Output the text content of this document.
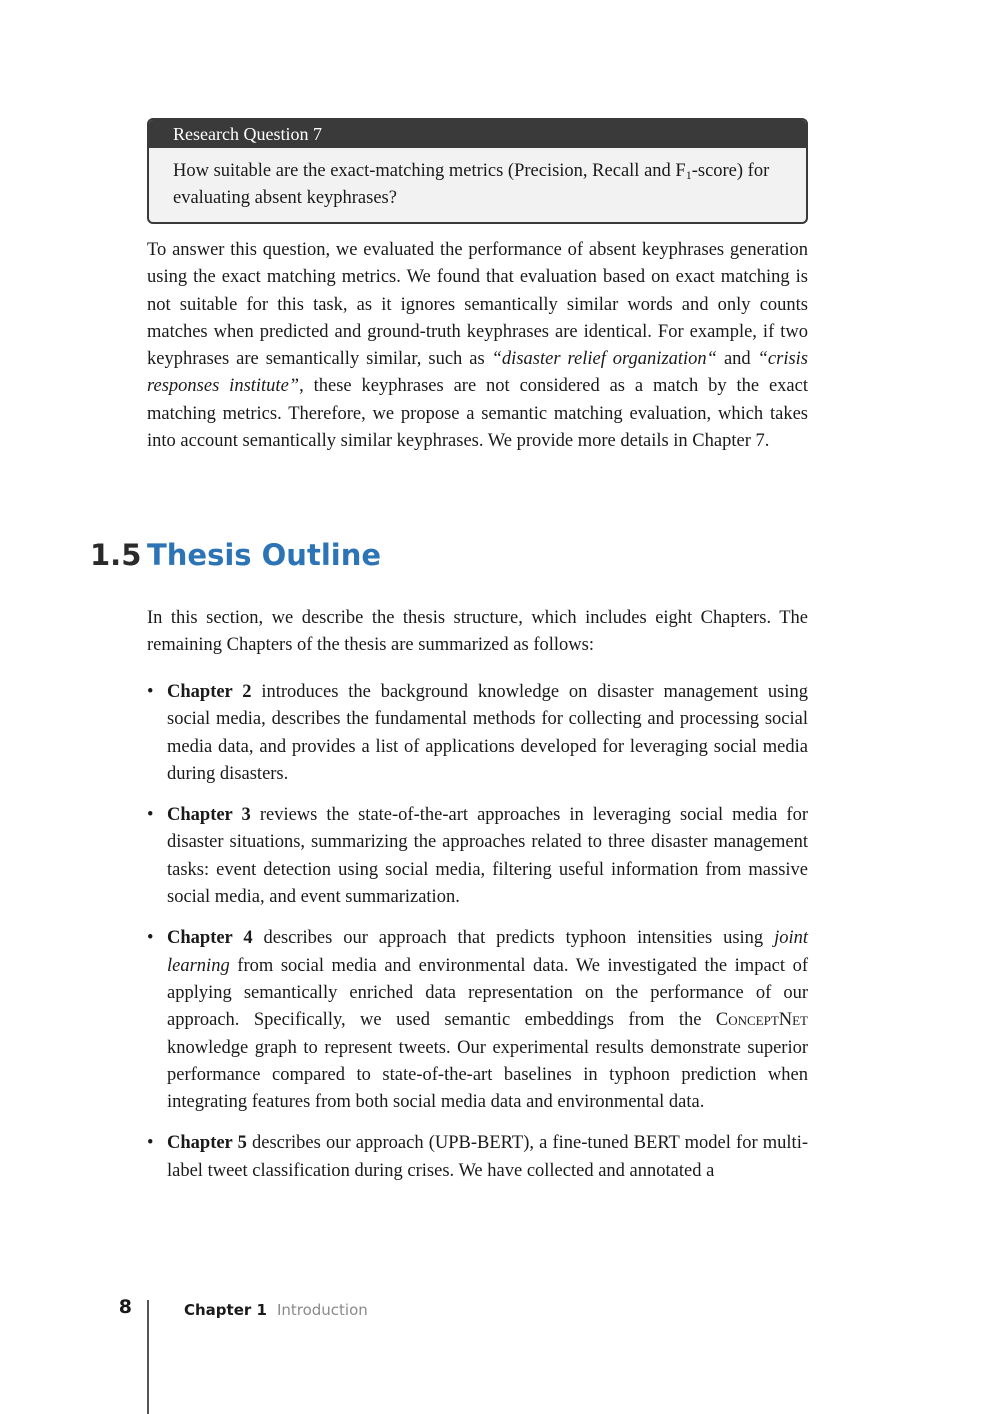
Research Question 7
How suitable are the exact-matching metrics (Precision, Recall and $F_1-score$) for evaluating absent keyphrases?

To answer this question, we evaluated the performance of absent keyphrases generation using the exact matching metrics. We found that evaluation based on exact matching is not suitable for this task, as it ignores semantically similar words and only counts matches when predicted and ground-truth keyphrases are identical. For example, if two keyphrases are semantically similar, such as “disaster relief organization“ and “crisis responses institute”, these keyphrases are not considered as a match by the exact matching metrics. Therefore, we propose a semantic matching evaluation, which takes into account semantically similar keyphrases. We provide more details in Chapter 7.

1.5 Thesis Outline

In this section, we describe the thesis structure, which includes eight Chapters. The remaining Chapters of the thesis are summarized as follows:

• Chapter 2 introduces the background knowledge on disaster management using social media, describes the fundamental methods for collecting and processing social media data, and provides a list of applications developed for leveraging social media during disasters.
• Chapter 3 reviews the state-of-the-art approaches in leveraging social media for disaster situations, summarizing the approaches related to three disaster management tasks: event detection using social media, filtering useful information from massive social media, and event summarization.
• Chapter 4 describes our approach that predicts typhoon intensities using joint learning from social media and environmental data. We investigated the impact of applying semantically enriched data representation on the performance of our approach. Specifically, we used semantic embeddings from the ConceptNet knowledge graph to represent tweets. Our experimental results demonstrate superior performance compared to state-of-the-art baselines in typhoon prediction when integrating features from both social media data and environmental data.
• Chapter 5 describes our approach (UPB-BERT), a fine-tuned BERT model for multi-label tweet classification during crises. We have collected and annotated a
8	Chapter 1 Introduction
